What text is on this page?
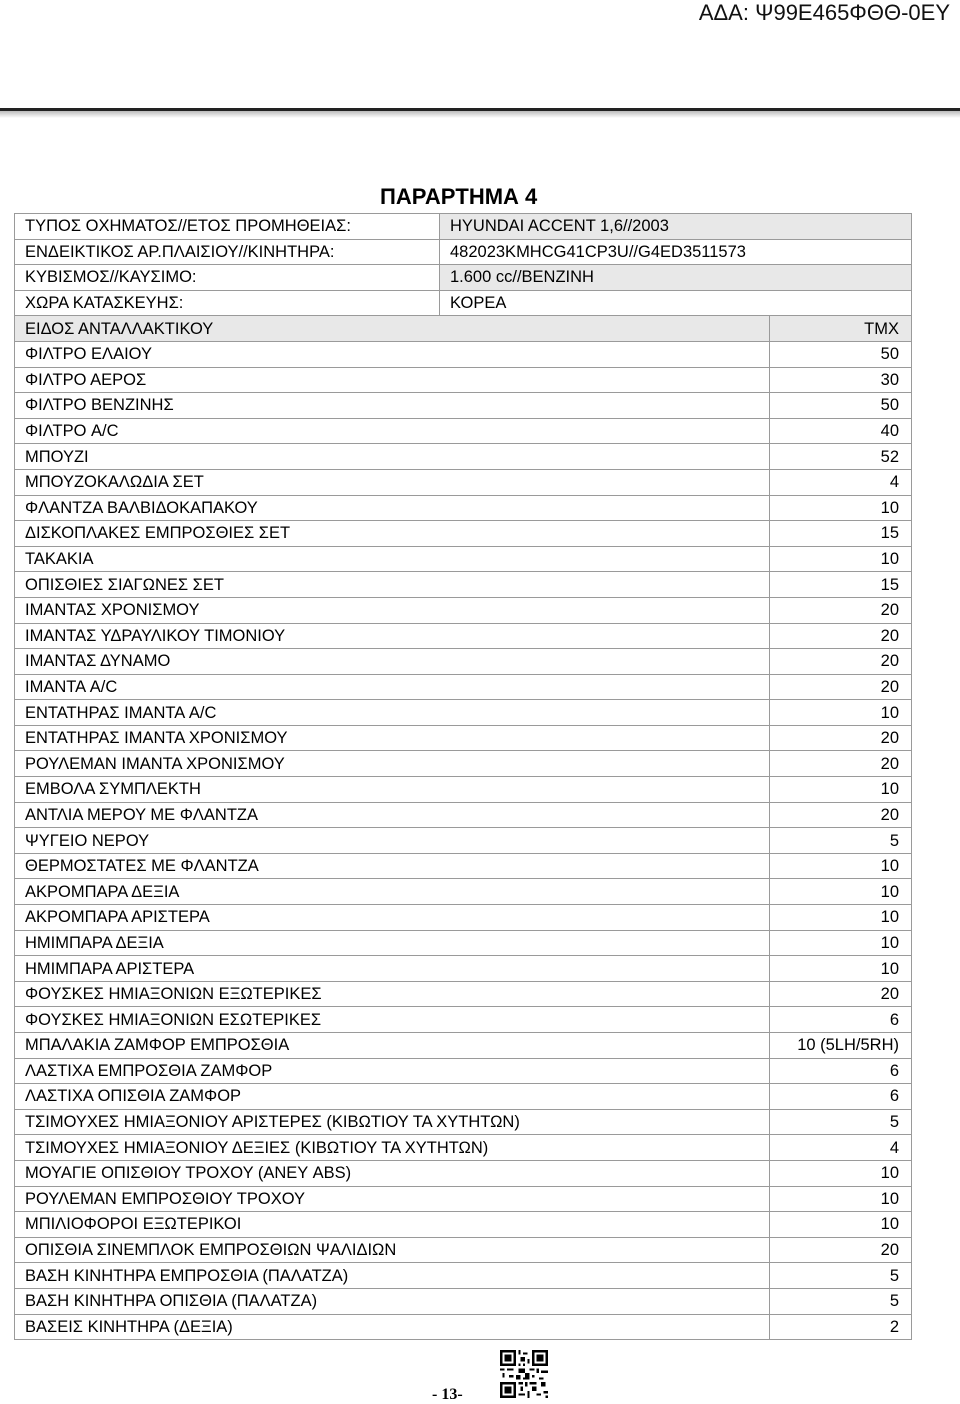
ΑΔΑ: Ψ99Ε465ΦΘΘ-0ΕΥ
ΠΑΡΑΡΤΗΜΑ 4
ΤΥΠΟΣ ΟΧΗΜΑΤΟΣ//ΕΤΟΣ ΠΡΟΜΗΘΕΙΑΣ:	HYUNDAI ACCENT 1,6//2003	
ΕΝΔΕΙΚΤΙΚΟΣ ΑΡ.ΠΛΑΙΣΙΟΥ//ΚΙΝΗΤΗΡΑ:	482023KMHCG41CP3U//G4ED3511573	
ΚΥΒΙΣΜΟΣ//ΚΑΥΣΙΜΟ:	1.600 cc//ΒΕΝΖΙΝΗ	
ΧΩΡΑ ΚΑΤΑΣΚΕΥΗΣ:	ΚΟΡΕΑ	
ΕΙΔΟΣ ΑΝΤΑΛΛΑΚΤΙΚΟΥ		ΤΜΧ
ΦΙΛΤΡΟ ΕΛΑΙΟΥ		50
ΦΙΛΤΡΟ ΑΕΡΟΣ		30
ΦΙΛΤΡΟ ΒΕΝΖΙΝΗΣ		50
ΦΙΛΤΡΟ A/C		40
ΜΠΟΥΖΙ		52
ΜΠΟΥΖΟΚΑΛΩΔΙΑ ΣΕΤ		4
ΦΛΑΝΤΖΑ ΒΑΛΒΙΔΟΚΑΠΑΚΟΥ		10
ΔΙΣΚΟΠΛΑΚΕΣ ΕΜΠΡΟΣΘΙΕΣ ΣΕΤ		15
ΤΑΚΑΚΙΑ		10
ΟΠΙΣΘΙΕΣ ΣΙΑΓΩΝΕΣ ΣΕΤ		15
ΙΜΑΝΤΑΣ ΧΡΟΝΙΣΜΟΥ		20
ΙΜΑΝΤΑΣ ΥΔΡΑΥΛΙΚΟΥ ΤΙΜΟΝΙΟΥ		20
ΙΜΑΝΤΑΣ ΔΥΝΑΜΟ		20
ΙΜΑΝΤΑ A/C		20
ΕΝΤΑΤΗΡΑΣ ΙΜΑΝΤΑ A/C		10
ΕΝΤΑΤΗΡΑΣ ΙΜΑΝΤΑ ΧΡΟΝΙΣΜΟΥ		20
ΡΟΥΛΕΜΑΝ ΙΜΑΝΤΑ ΧΡΟΝΙΣΜΟΥ		20
ΕΜΒΟΛΑ ΣΥΜΠΛΕΚΤΗ		10
ΑΝΤΛΙΑ ΜΕΡΟΥ ΜΕ ΦΛΑΝΤΖΑ		20
ΨΥΓΕΙΟ ΝΕΡΟΥ		5
ΘΕΡΜΟΣΤΑΤΕΣ ΜΕ ΦΛΑΝΤΖΑ		10
ΑΚΡΟΜΠΑΡΑ ΔΕΞΙΑ		10
ΑΚΡΟΜΠΑΡΑ ΑΡΙΣΤΕΡΑ		10
ΗΜΙΜΠΑΡΑ ΔΕΞΙΑ		10
ΗΜΙΜΠΑΡΑ ΑΡΙΣΤΕΡΑ		10
ΦΟΥΣΚΕΣ ΗΜΙΑΞΟΝΙΩΝ ΕΞΩΤΕΡΙΚΕΣ		20
ΦΟΥΣΚΕΣ ΗΜΙΑΞΟΝΙΩΝ ΕΣΩΤΕΡΙΚΕΣ		6
ΜΠΑΛΑΚΙΑ ΖΑΜΦΟΡ ΕΜΠΡΟΣΘΙΑ		10 (5LH/5RH)
ΛΑΣΤΙΧΑ ΕΜΠΡΟΣΘΙΑ ΖΑΜΦΟΡ		6
ΛΑΣΤΙΧΑ ΟΠΙΣΘΙΑ ΖΑΜΦΟΡ		6
ΤΣΙΜΟΥΧΕΣ ΗΜΙΑΞΟΝΙΟΥ ΑΡΙΣΤΕΡΕΣ (ΚΙΒΩΤΙΟΥ ΤΑ ΧΥΤΗΤΩΝ)		5
ΤΣΙΜΟΥΧΕΣ ΗΜΙΑΞΟΝΙΟΥ ΔΕΞΙΕΣ (ΚΙΒΩΤΙΟΥ ΤΑ ΧΥΤΗΤΩΝ)		4
ΜΟΥΑΓΙΕ ΟΠΙΣΘΙΟΥ ΤΡΟΧΟΥ (ΑΝΕΥ ABS)		10
ΡΟΥΛΕΜΑΝ ΕΜΠΡΟΣΘΙΟΥ ΤΡΟΧΟΥ		10
ΜΠΙΛΙΟΦΟΡΟΙ ΕΞΩΤΕΡΙΚΟΙ		10
ΟΠΙΣΘΙΑ ΣΙΝΕΜΠΛΟΚ ΕΜΠΡΟΣΘΙΩΝ ΨΑΛΙΔΙΩΝ		20
ΒΑΣΗ ΚΙΝΗΤΗΡΑ ΕΜΠΡΟΣΘΙΑ (ΠΑΛΑΤΖΑ)		5
ΒΑΣΗ ΚΙΝΗΤΗΡΑ ΟΠΙΣΘΙΑ (ΠΑΛΑΤΖΑ)		5
ΒΑΣΕΙΣ ΚΙΝΗΤΗΡΑ (ΔΕΞΙΑ)		2
- 13-
